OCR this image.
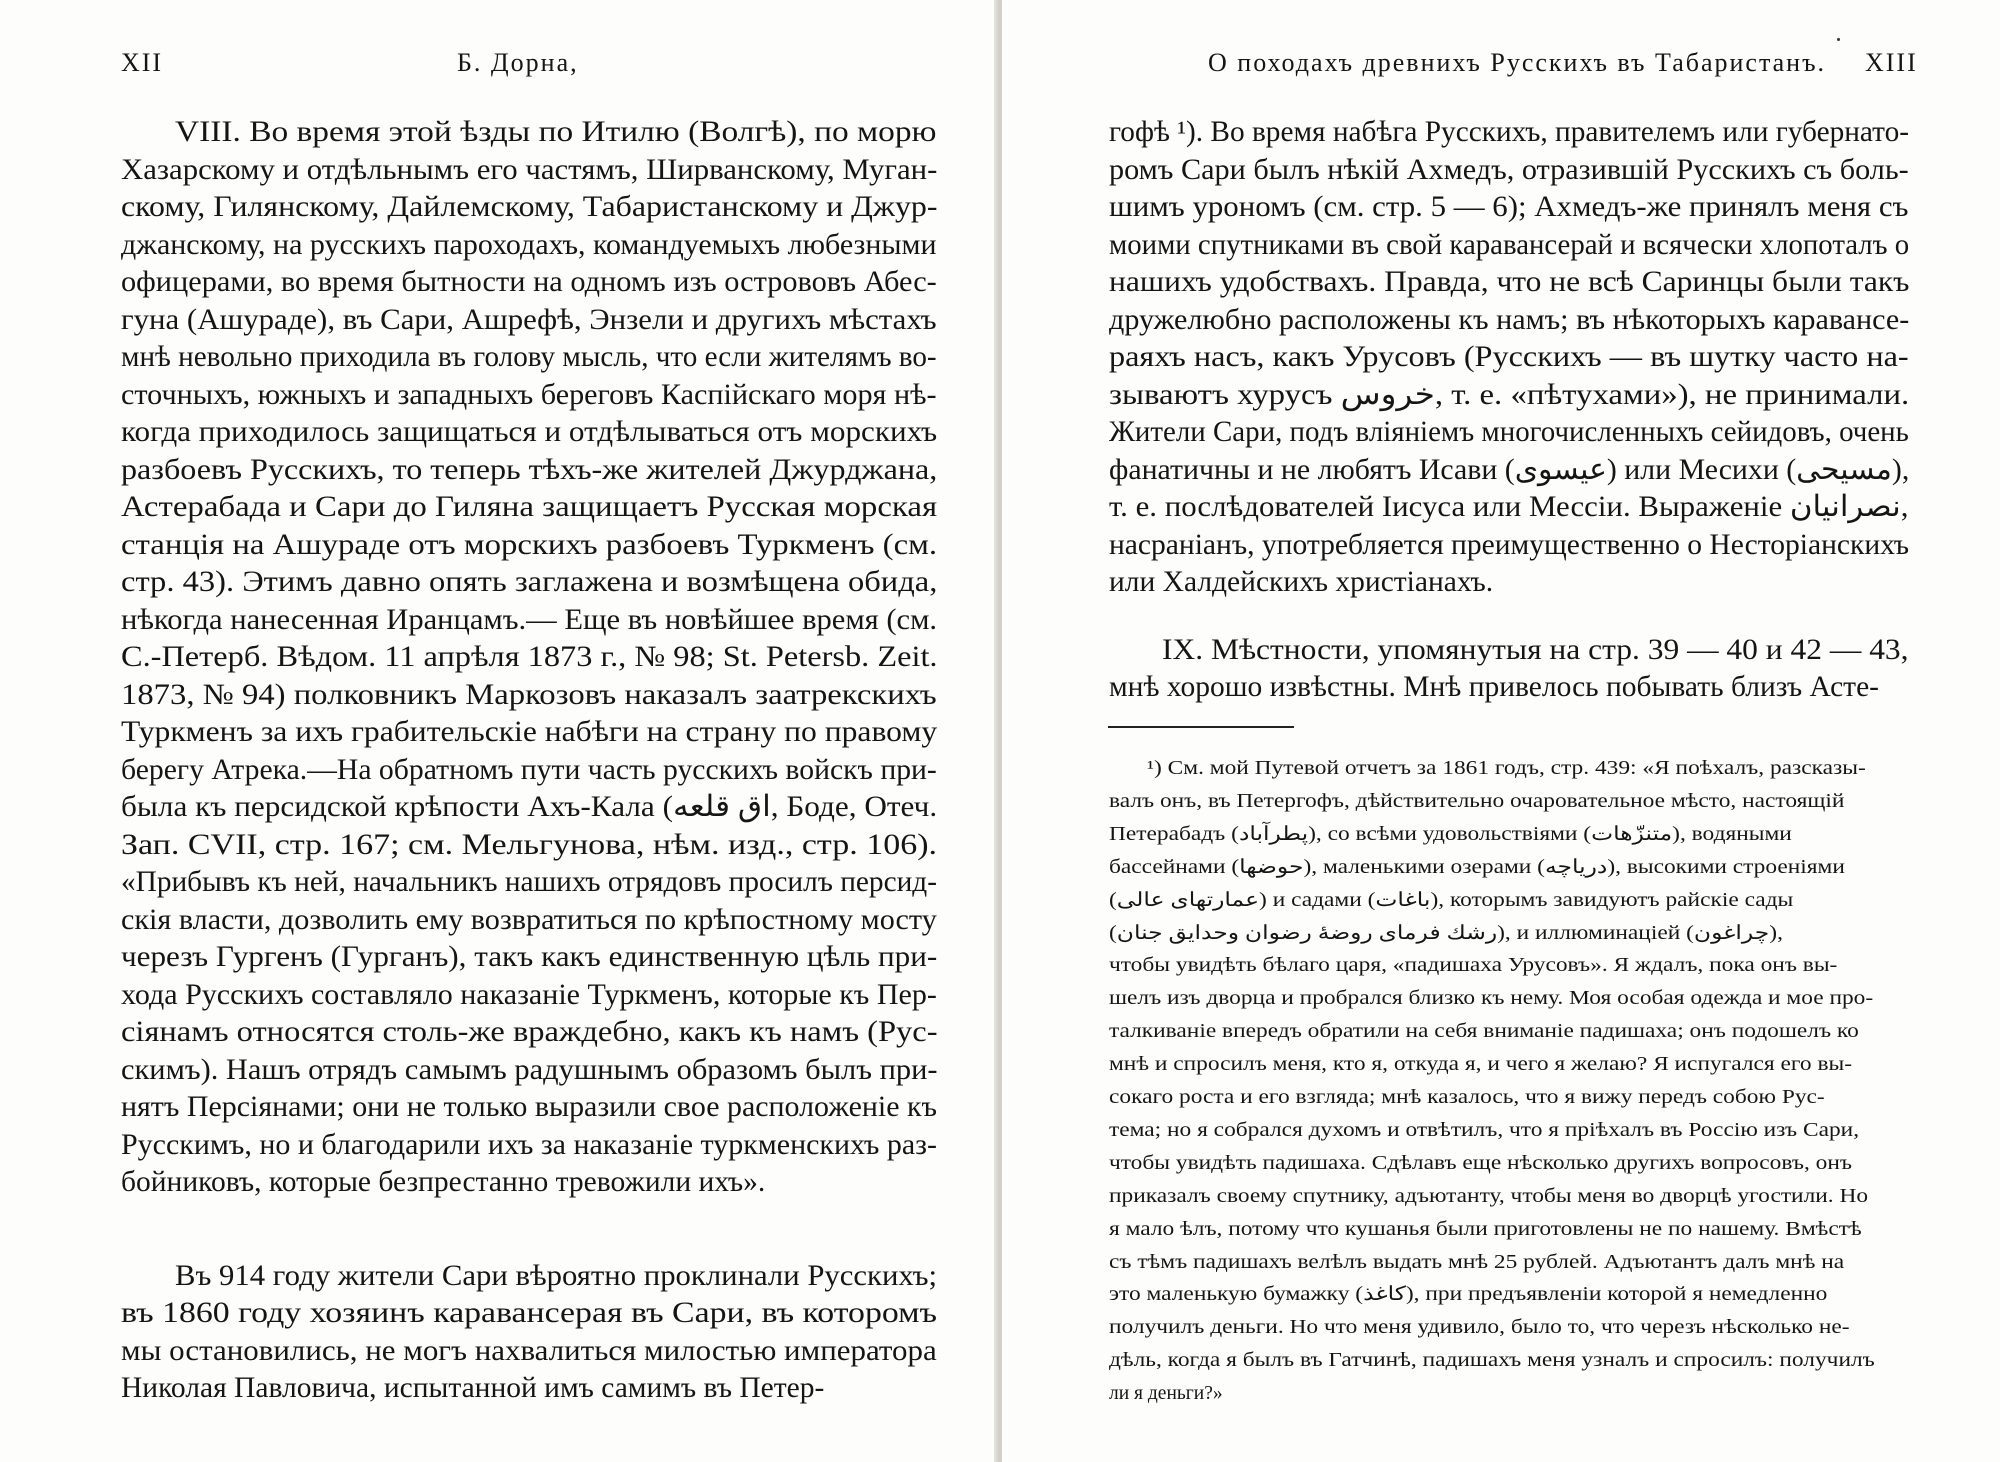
XII	Б. Дорна,
VIII. Во время этой ѣзды по Итилю (Волгѣ), по морю
Хазарскому и отдѣльнымъ его частямъ, Ширванскому, Муган-
скому, Гилянскому, Дайлемскому, Табаристанскому и Джур-
джанскому, на русскихъ пароходахъ, командуемыхъ любезными
офицерами, во время бытности на одномъ изъ острововъ Абес-
гуна (Ашураде), въ Сари, Ашрефѣ, Энзели и другихъ мѣстахъ
мнѣ невольно приходила въ голову мысль, что если жителямъ во-
сточныхъ, южныхъ и западныхъ береговъ Каспійскаго моря нѣ-
когда приходилось защищаться и отдѣлываться отъ морскихъ
разбоевъ Русскихъ, то теперь тѣхъ-же жителей Джурджана,
Астерабада и Сари до Гиляна защищаетъ Русская морская
станція на Ашураде отъ морскихъ разбоевъ Туркменъ (см.
стр. 43). Этимъ давно опять заглажена и возмѣщена обида,
нѣкогда нанесенная Иранцамъ.— Еще въ новѣйшее время (см.
С.-Петерб. Вѣдом. 11 апрѣля 1873 г., № 98; St. Petersb. Zeit.
1873, № 94) полковникъ Маркозовъ наказалъ заатрекскихъ
Туркменъ за ихъ грабительскіе набѣги на страну по правому
берегу Атрека.—На обратномъ пути часть русскихъ войскъ при-
была къ персидской крѣпости Ахъ-Кала (اق قلعه, Боде, Отеч.
Зап. CVII, стр. 167; см. Мельгунова, нѣм. изд., стр. 106).
«Прибывъ къ ней, начальникъ нашихъ отрядовъ просилъ персид-
скія власти, дозволить ему возвратиться по крѣпостному мосту
черезъ Гургенъ (Гурганъ), такъ какъ единственную цѣль при-
хода Русскихъ составляло наказаніе Туркменъ, которые къ Пер-
сіянамъ относятся столь-же враждебно, какъ къ намъ (Рус-
скимъ). Нашъ отрядъ самымъ радушнымъ образомъ былъ при-
нятъ Персіянами; они не только выразили свое расположеніе къ
Русскимъ, но и благодарили ихъ за наказаніе туркменскихъ раз-
бойниковъ, которые безпрестанно тревожили ихъ».
Въ 914 году жители Сари вѣроятно проклинали Русскихъ;
въ 1860 году хозяинъ каравансерая въ Сари, въ которомъ
мы остановились, не могъ нахвалиться милостью императора
Николая Павловича, испытанной имъ самимъ въ Петер-
О походахъ древнихъ Русскихъ въ Табаристанъ. XIII
гофѣ ¹). Во время набѣга Русскихъ, правителемъ или губернато-
ромъ Сари былъ нѣкій Ахмедъ, отразившій Русскихъ съ боль-
шимъ урономъ (см. стр. 5 — 6); Ахмедъ-же принялъ меня съ
моими спутниками въ свой каравансерай и всячески хлопоталъ о
нашихъ удобствахъ. Правда, что не всѣ Саринцы были такъ
дружелюбно расположены къ намъ; въ нѣкоторыхъ каравансе-
раяхъ насъ, какъ Урусовъ (Русскихъ — въ шутку часто на-
зываютъ хурусъ خروس, т. е. «пѣтухами»), не принимали.
Жители Сари, подъ вліяніемъ многочисленныхъ сейидовъ, очень
фанатичны и не любятъ Исави (عیسوی) или Месихи (مسیحی),
т. е. послѣдователей Іисуса или Мессіи. Выраженіе نصرانیان,
насраніанъ, употребляется преимущественно о Несторіанскихъ
или Халдейскихъ христіанахъ.
IX. Мѣстности, упомянутыя на стр. 39 — 40 и 42 — 43,
мнѣ хорошо извѣстны. Мнѣ привелось побывать близъ Асте-
¹) См. мой Путевой отчетъ за 1861 годъ, стр. 439: «Я поѣхалъ, разсказы-
валъ онъ, въ Петергофъ, дѣйствительно очаровательное мѣсто, настоящій
Петерабадъ (پطرآباد), со всѣми удовольствіями (متنزّهات), водяными
бассейнами (حوضها), маленькими озерами (دریاچه), высокими строеніями
(عمارتهای عالی) и садами (باغات), которымъ завидуютъ райскіе сады
(رشك فرمای روضهٔ رضوان وحدایق جنان), и иллюминаціей (چراغون),
чтобы увидѣть бѣлаго царя, «падишаха Урусовъ». Я ждалъ, пока онъ вы-
шелъ изъ дворца и пробрался близко къ нему. Моя особая одежда и мое про-
талкиваніе впередъ обратили на себя вниманіе падишаха; онъ подошелъ ко
мнѣ и спросилъ меня, кто я, откуда я, и чего я желаю? Я испугался его вы-
сокаго роста и его взгляда; мнѣ казалось, что я вижу передъ собою Рус-
тема; но я собрался духомъ и отвѣтилъ, что я пріѣхалъ въ Россію изъ Сари,
чтобы увидѣть падишаха. Сдѣлавъ еще нѣсколько другихъ вопросовъ, онъ
приказалъ своему спутнику, адъютанту, чтобы меня во дворцѣ угостили. Но
я мало ѣлъ, потому что кушанья были приготовлены не по нашему. Вмѣстѣ
съ тѣмъ падишахъ велѣлъ выдать мнѣ 25 рублей. Адъютантъ далъ мнѣ на
это маленькую бумажку (کاغذ), при предъявленіи которой я немедленно
получилъ деньги. Но что меня удивило, было то, что черезъ нѣсколько не-
дѣль, когда я былъ въ Гатчинѣ, падишахъ меня узналъ и спросилъ: получилъ
ли я деньги?»
